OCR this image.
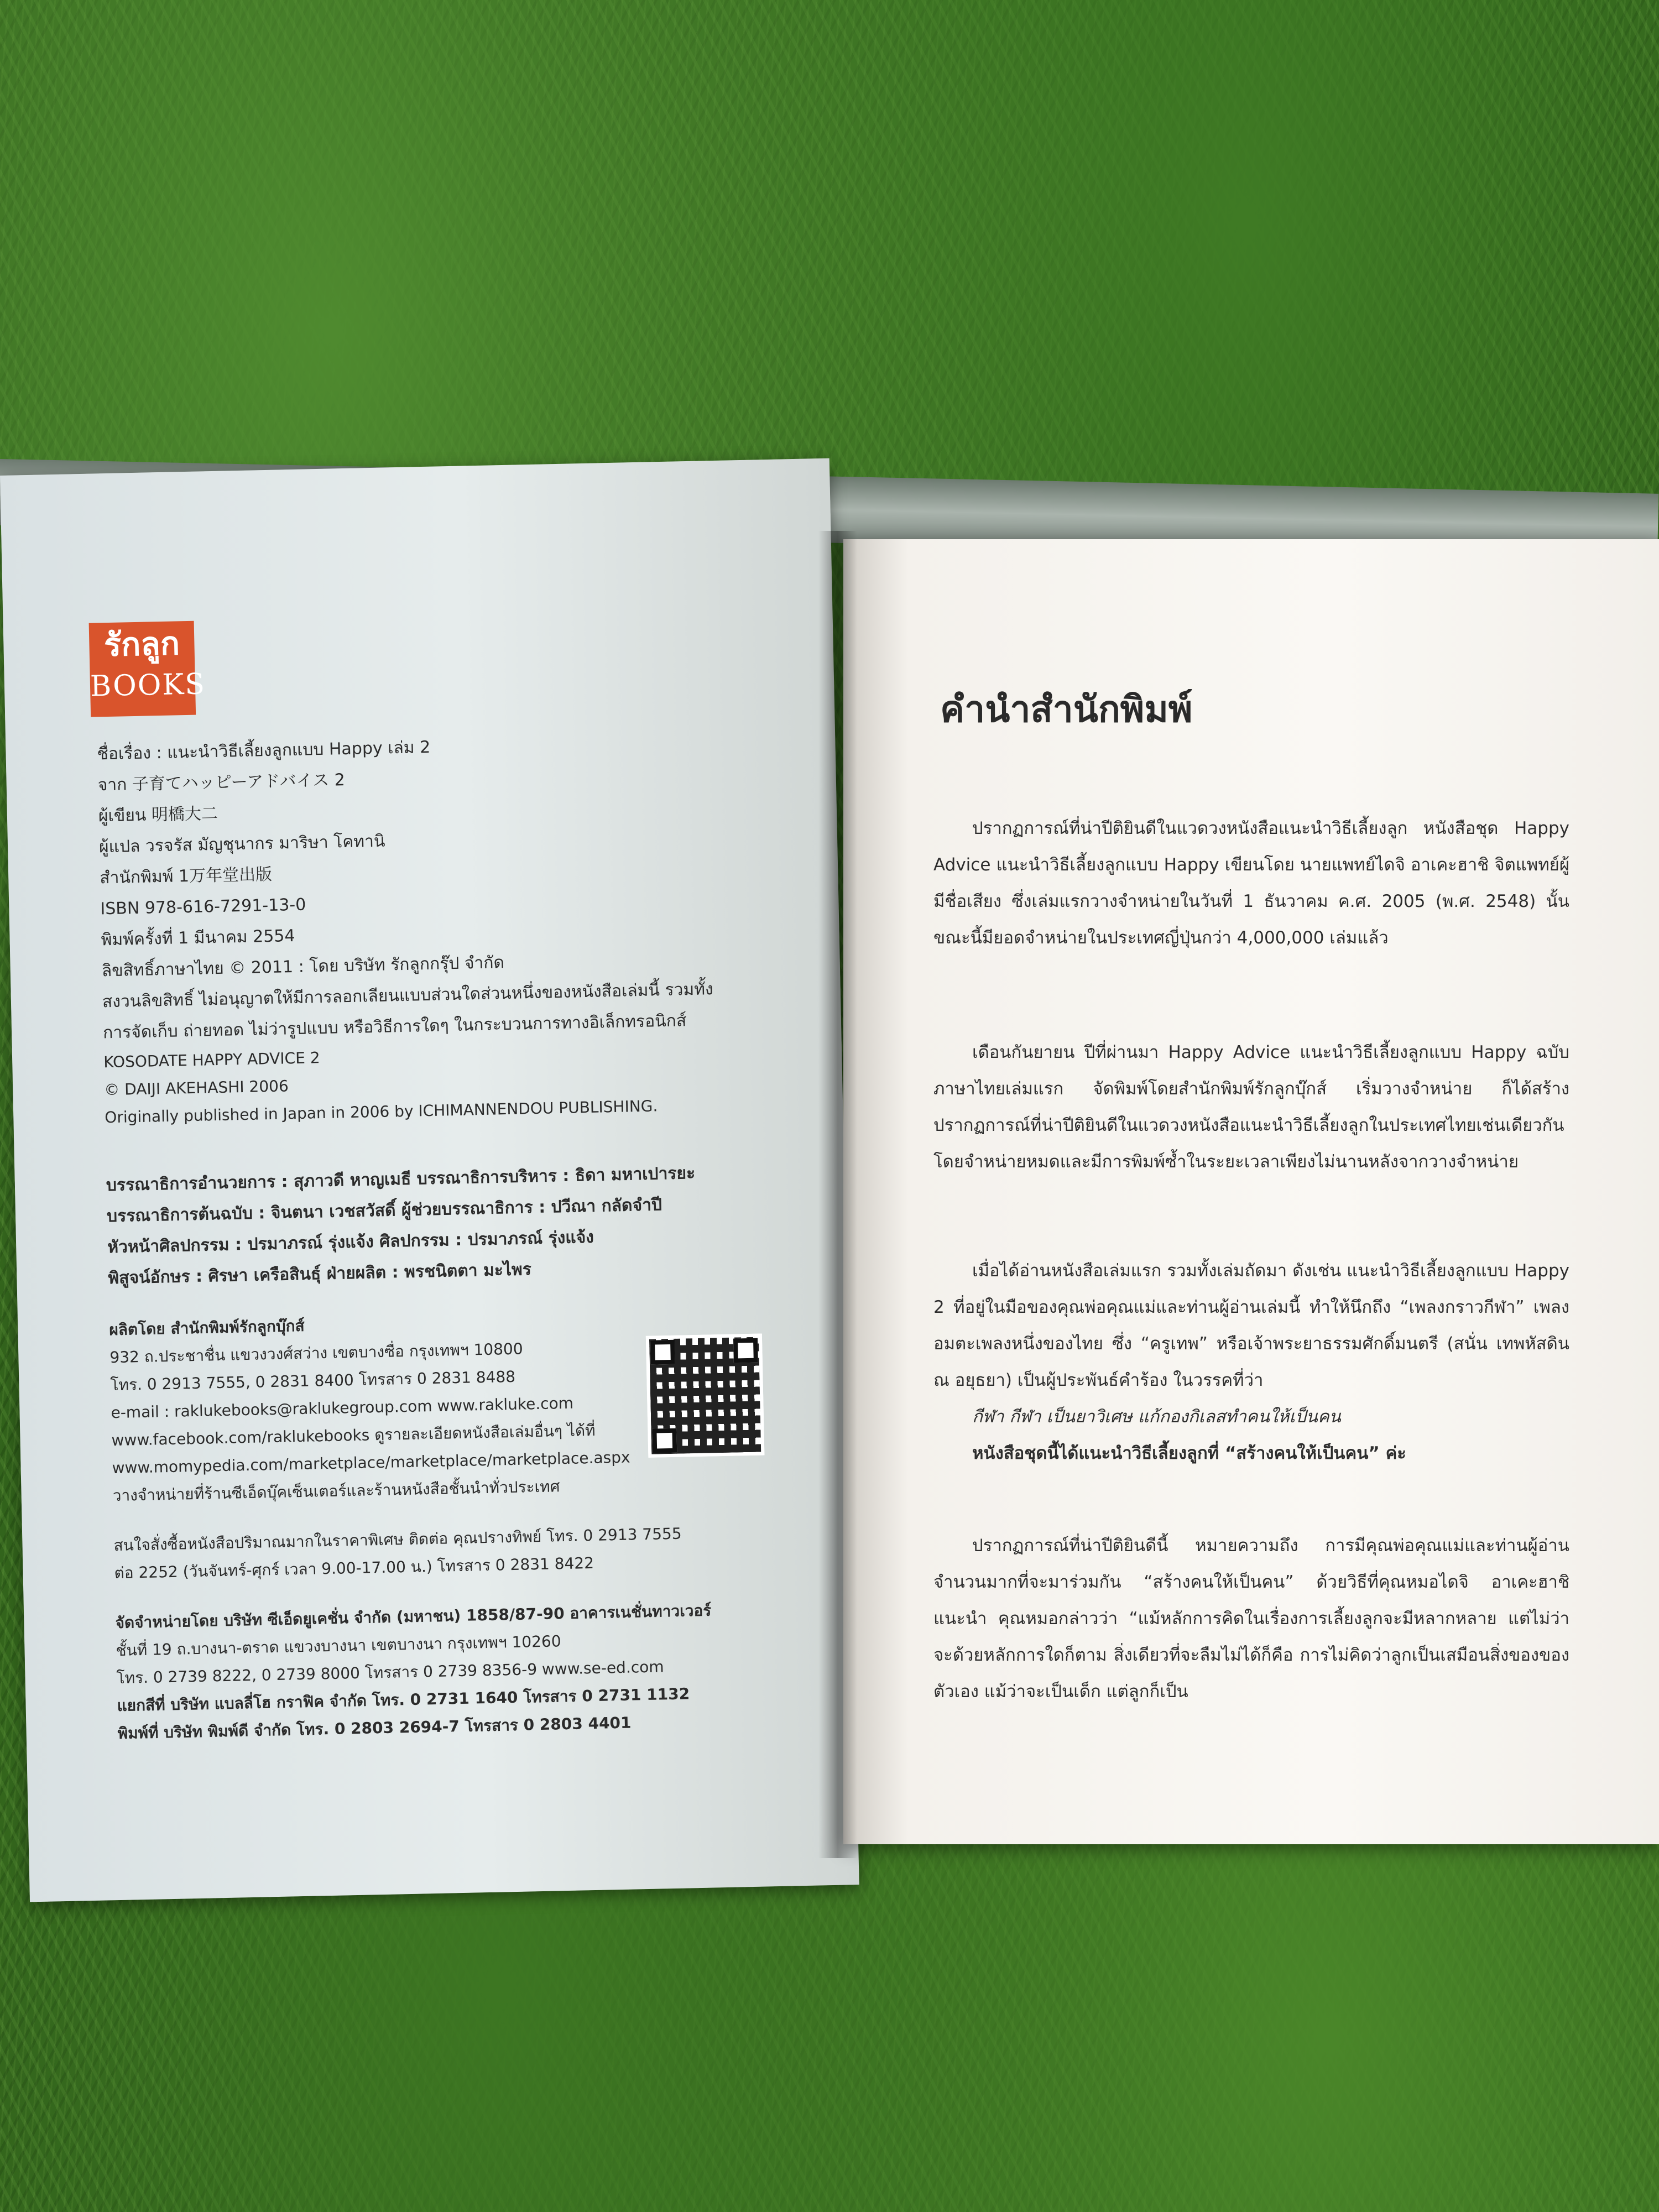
รักลูก
BOOKS
ชื่อเรื่อง : แนะนำวิธีเลี้ยงลูกแบบ Happy เล่ม 2
จาก 子育てハッピーアドバイス 2
ผู้เขียน 明橋大二
ผู้แปล วรจรัส มัญชุนากร มาริษา โคทานิ
สำนักพิมพ์ 1万年堂出版
ISBN 978-616-7291-13-0
พิมพ์ครั้งที่ 1 มีนาคม 2554
ลิขสิทธิ์ภาษาไทย © 2011 : โดย บริษัท รักลูกกรุ๊ป จำกัด
สงวนลิขสิทธิ์ ไม่อนุญาตให้มีการลอกเลียนแบบส่วนใดส่วนหนึ่งของหนังสือเล่มนี้ รวมทั้ง
การจัดเก็บ ถ่ายทอด ไม่ว่ารูปแบบ หรือวิธีการใดๆ ในกระบวนการทางอิเล็กทรอนิกส์
KOSODATE HAPPY ADVICE 2
© DAIJI AKEHASHI 2006
Originally published in Japan in 2006 by ICHIMANNENDOU PUBLISHING.
บรรณาธิการอำนวยการ : สุภาวดี หาญเมธี บรรณาธิการบริหาร : ธิดา มหาเปารยะ
บรรณาธิการต้นฉบับ : จินตนา เวชสวัสดิ์ ผู้ช่วยบรรณาธิการ : ปวีณา กลัดจำปี
หัวหน้าศิลปกรรม : ปรมาภรณ์ รุ่งแจ้ง ศิลปกรรม : ปรมาภรณ์ รุ่งแจ้ง
พิสูจน์อักษร : ศิรษา เครือสินธุ์ ฝ่ายผลิต : พรชนิตตา มะไพร
ผลิตโดย สำนักพิมพ์รักลูกบุ๊กส์
932 ถ.ประชาชื่น แขวงวงศ์สว่าง เขตบางซื่อ กรุงเทพฯ 10800
โทร. 0 2913 7555, 0 2831 8400 โทรสาร 0 2831 8488
e-mail : raklukebooks@raklukegroup.com www.rakluke.com
www.facebook.com/raklukebooks ดูรายละเอียดหนังสือเล่มอื่นๆ ได้ที่
www.momypedia.com/marketplace/marketplace/marketplace.aspx
วางจำหน่ายที่ร้านซีเอ็ดบุ๊คเซ็นเตอร์และร้านหนังสือชั้นนำทั่วประเทศ
สนใจสั่งซื้อหนังสือปริมาณมากในราคาพิเศษ ติดต่อ คุณปรางทิพย์ โทร. 0 2913 7555
ต่อ 2252 (วันจันทร์-ศุกร์ เวลา 9.00-17.00 น.) โทรสาร 0 2831 8422
จัดจำหน่ายโดย บริษัท ซีเอ็ดยูเคชั่น จำกัด (มหาชน) 1858/87-90 อาคารเนชั่นทาวเวอร์
ชั้นที่ 19 ถ.บางนา-ตราด แขวงบางนา เขตบางนา กรุงเทพฯ 10260
โทร. 0 2739 8222, 0 2739 8000 โทรสาร 0 2739 8356-9 www.se-ed.com
แยกสีที่ บริษัท แบลลี่โฮ กราฟิค จำกัด โทร. 0 2731 1640 โทรสาร 0 2731 1132
พิมพ์ที่ บริษัท พิมพ์ดี จำกัด โทร. 0 2803 2694-7 โทรสาร 0 2803 4401
คำนำสำนักพิมพ์
ปรากฏการณ์ที่น่าปีติยินดีในแวดวงหนังสือแนะนำวิธีเลี้ยงลูก หนังสือชุด Happy Advice แนะนำวิธีเลี้ยงลูกแบบ Happy เขียนโดย นายแพทย์ไดจิ อาเคะฮาชิ จิตแพทย์ผู้มีชื่อเสียง ซึ่งเล่มแรกวางจำหน่ายในวันที่ 1 ธันวาคม ค.ศ. 2005 (พ.ศ. 2548) นั้น ขณะนี้มียอดจำหน่ายในประเทศญี่ปุ่นกว่า 4,000,000 เล่มแล้ว
เดือนกันยายน ปีที่ผ่านมา Happy Advice แนะนำวิธีเลี้ยงลูกแบบ Happy ฉบับภาษาไทยเล่มแรก จัดพิมพ์โดยสำนักพิมพ์รักลูกบุ๊กส์ เริ่มวางจำหน่าย ก็ได้สร้างปรากฏการณ์ที่น่าปีติยินดีในแวดวงหนังสือแนะนำวิธีเลี้ยงลูกในประเทศไทยเช่นเดียวกัน โดยจำหน่ายหมดและมีการพิมพ์ซ้ำในระยะเวลาเพียงไม่นานหลังจากวางจำหน่าย
เมื่อได้อ่านหนังสือเล่มแรก รวมทั้งเล่มถัดมา ดังเช่น แนะนำวิธีเลี้ยงลูกแบบ Happy 2 ที่อยู่ในมือของคุณพ่อคุณแม่และท่านผู้อ่านเล่มนี้ ทำให้นึกถึง “เพลงกราวกีฬา” เพลงอมตะเพลงหนึ่งของไทย ซึ่ง “ครูเทพ” หรือเจ้าพระยาธรรมศักดิ์มนตรี (สนั่น เทพหัสดิน ณ อยุธยา) เป็นผู้ประพันธ์คำร้อง ในวรรคที่ว่า
กีฬา กีฬา เป็นยาวิเศษ แก้กองกิเลสทำคนให้เป็นคน
หนังสือชุดนี้ได้แนะนำวิธีเลี้ยงลูกที่ “สร้างคนให้เป็นคน” ค่ะ
ปรากฏการณ์ที่น่าปีติยินดีนี้ หมายความถึง การมีคุณพ่อคุณแม่และท่านผู้อ่านจำนวนมากที่จะมาร่วมกัน “สร้างคนให้เป็นคน” ด้วยวิธีที่คุณหมอไดจิ อาเคะฮาชิ แนะนำ คุณหมอกล่าวว่า “แม้หลักการคิดในเรื่องการเลี้ยงลูกจะมีหลากหลาย แต่ไม่ว่าจะด้วยหลักการใดก็ตาม สิ่งเดียวที่จะลืมไม่ได้ก็คือ การไม่คิดว่าลูกเป็นเสมือนสิ่งของของตัวเอง แม้ว่าจะเป็นเด็ก แต่ลูกก็เป็น
